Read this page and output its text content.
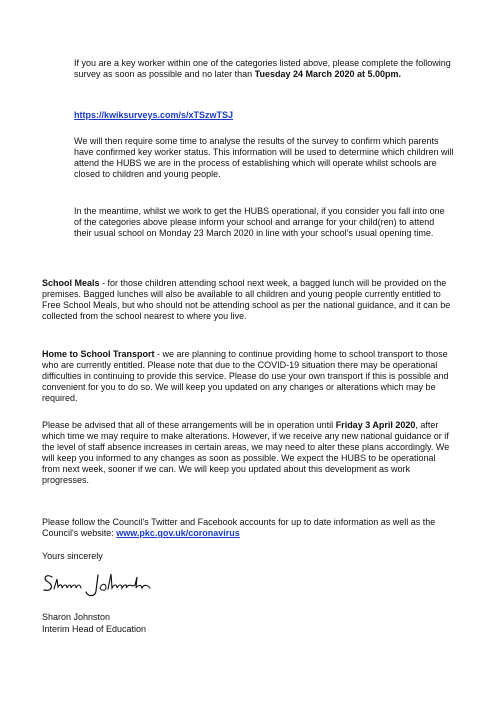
If you are a key worker within one of the categories listed above, please complete the following survey as soon as possible and no later than Tuesday 24 March 2020 at 5.00pm.

https://kwiksurveys.com/s/xTSzwTSJ

We will then require some time to analyse the results of the survey to confirm which parents have confirmed key worker status. This information will be used to determine which children will attend the HUBS we are in the process of establishing which will operate whilst schools are closed to children and young people.

In the meantime, whilst we work to get the HUBS operational, if you consider you fall into one of the categories above please inform your school and arrange for your child(ren) to attend their usual school on Monday 23 March 2020 in line with your school's usual opening time.

School Meals - for those children attending school next week, a bagged lunch will be provided on the premises. Bagged lunches will also be available to all children and young people currently entitled to Free School Meals, but who should not be attending school as per the national guidance, and it can be collected from the school nearest to where you live.

Home to School Transport - we are planning to continue providing home to school transport to those who are currently entitled. Please note that due to the COVID-19 situation there may be operational difficulties in continuing to provide this service. Please do use your own transport if this is possible and convenient for you to do so. We will keep you updated on any changes or alterations which may be required.

Please be advised that all of these arrangements will be in operation until Friday 3 April 2020, after which time we may require to make alterations. However, if we receive any new national guidance or if the level of staff absence increases in certain areas, we may need to alter these plans accordingly. We will keep you informed to any changes as soon as possible. We expect the HUBS to be operational from next week, sooner if we can. We will keep you updated about this development as work progresses.

Please follow the Council's Twitter and Facebook accounts for up to date information as well as the Council's website: www.pkc.gov.uk/coronavirus

Yours sincerely

Sharon Johnston

Interim Head of Education
